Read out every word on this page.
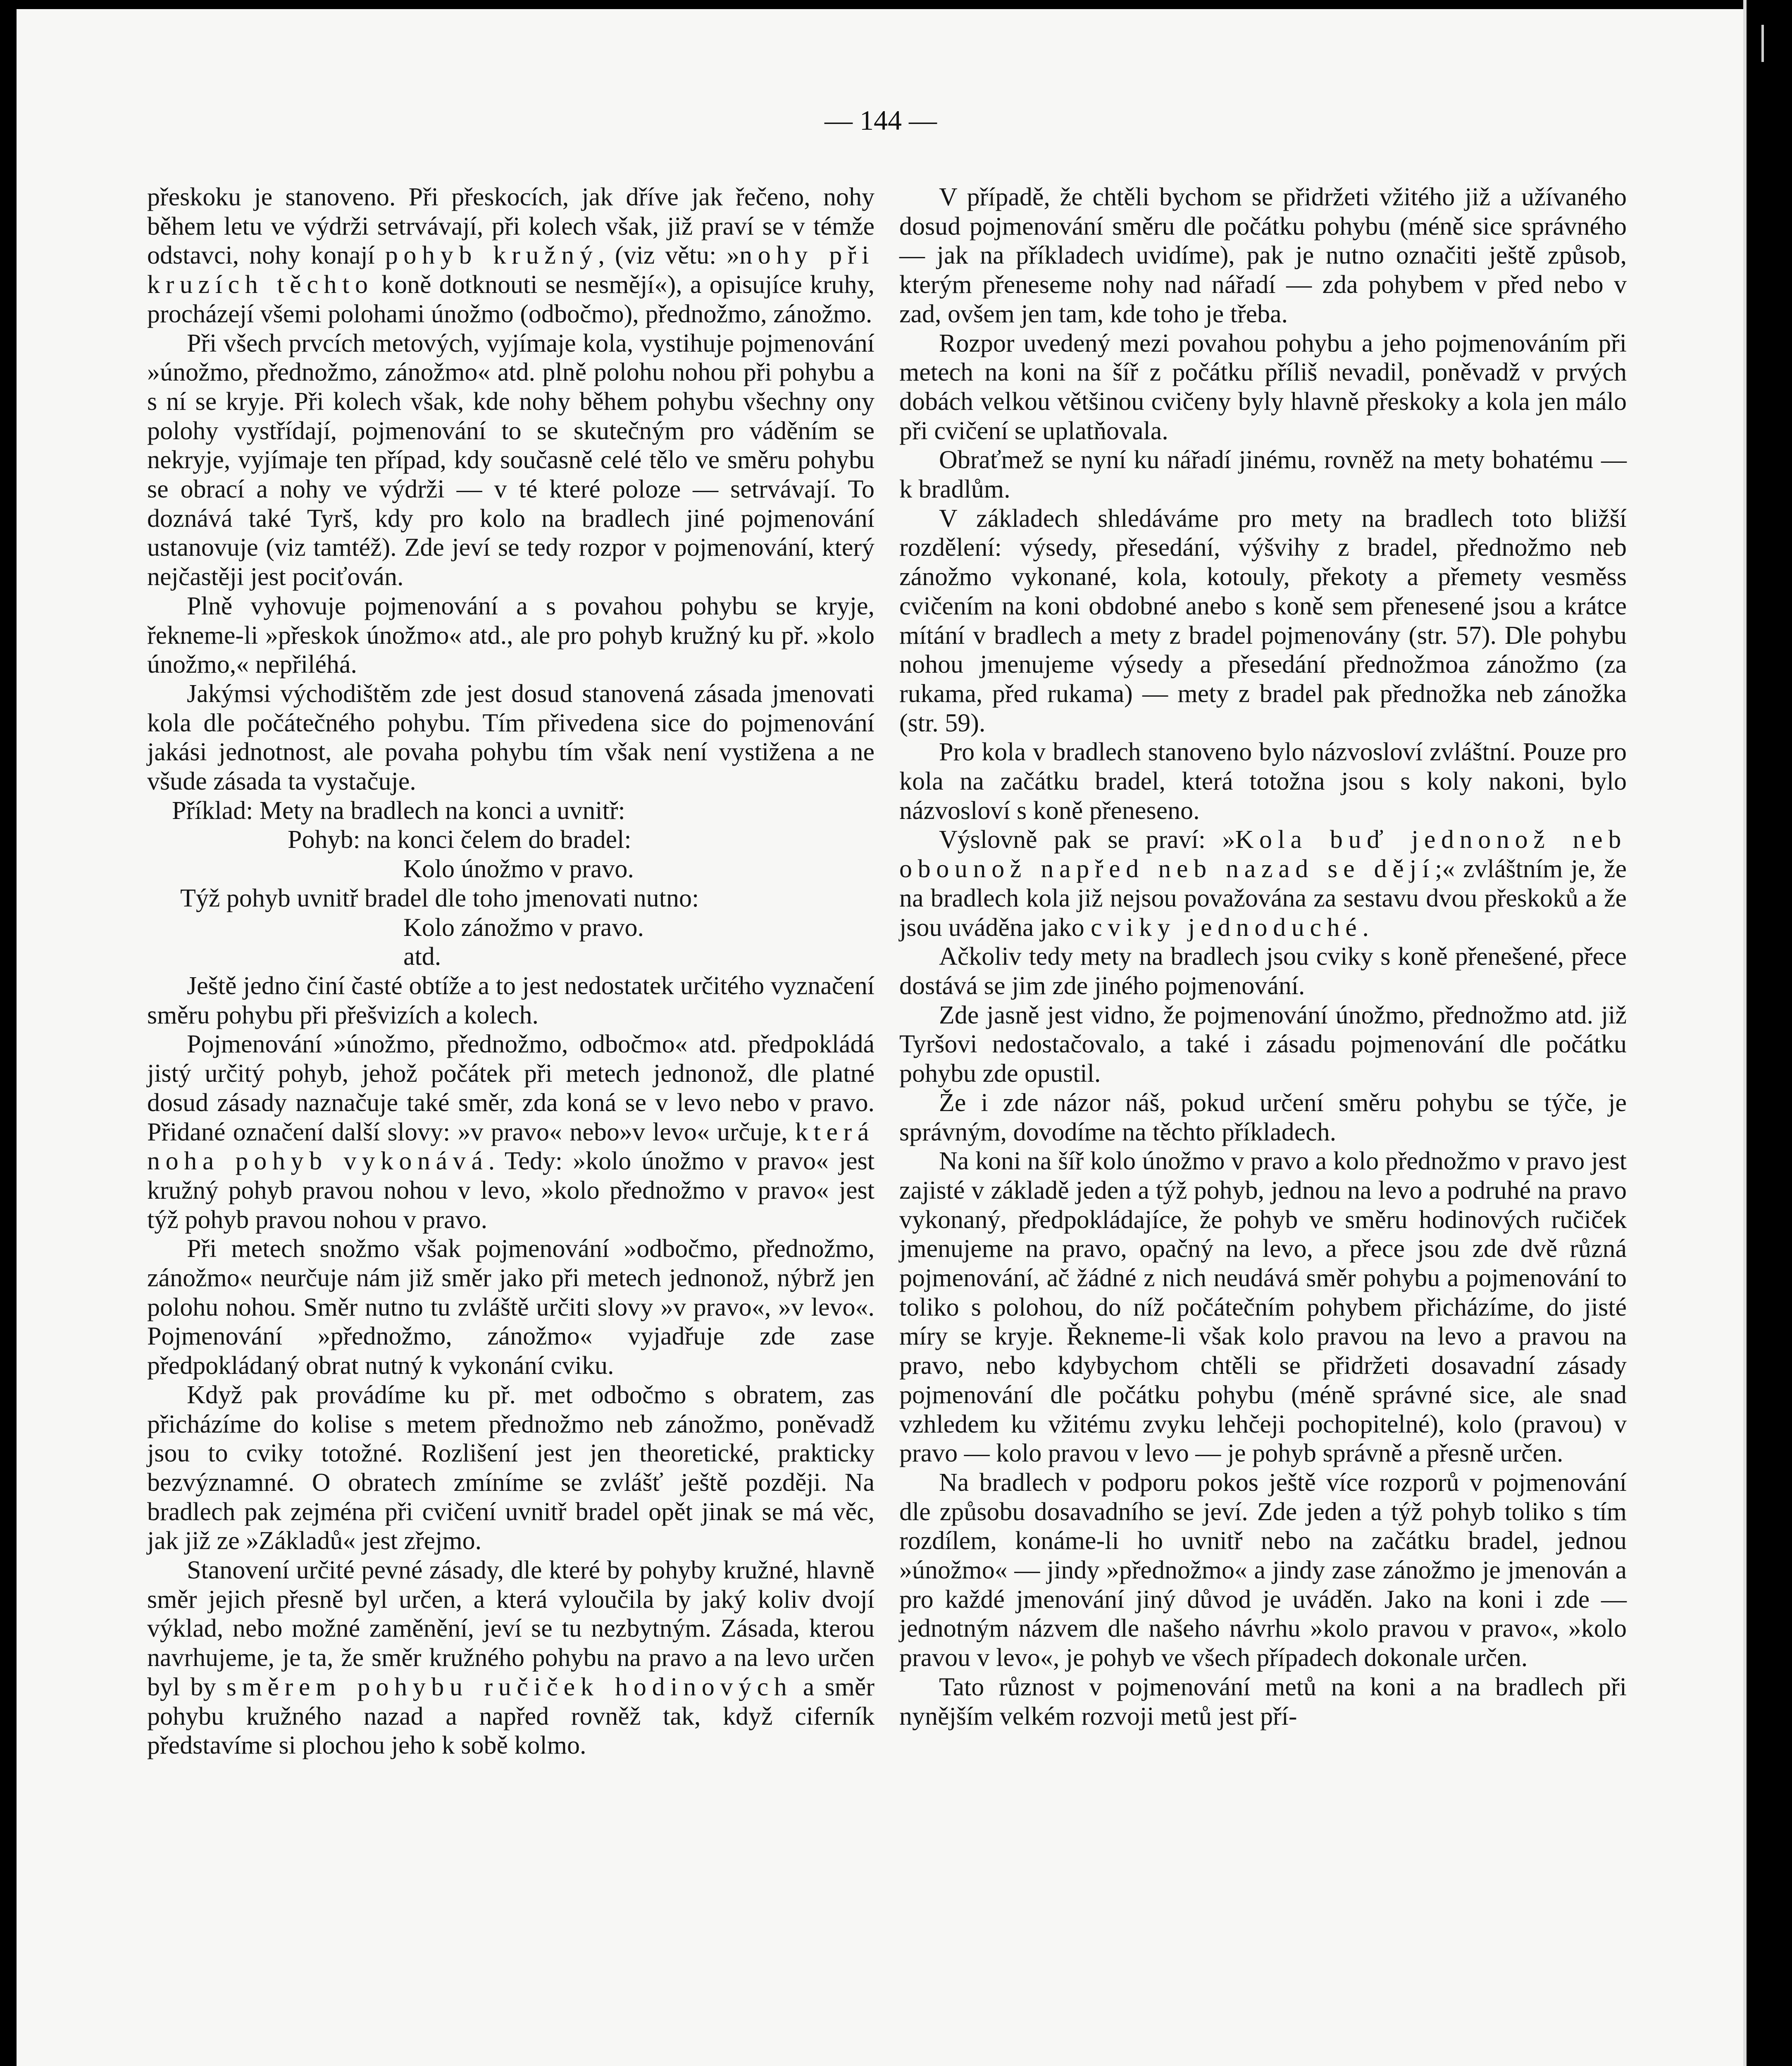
— 144 —

přeskoku je stanoveno. Při přeskocích, jak dříve jak řečeno, nohy během letu ve výdrži setrvávají, při kolech však, již praví se v témže odstavci, nohy konají pohyb kružný, (viz větu: »nohy při kruzích těchto koně dotknouti se nesmějí«), a opisujíce kruhy, procházejí všemi polohami únožmo (odbočmo), přednožmo, zánožmo.

Při všech prvcích metových, vyjímaje kola, vystihuje pojmenování »únožmo, přednožmo, zánožmo« atd. plně polohu nohou při pohybu a s ní se kryje. Při kolech však, kde nohy během pohybu všechny ony polohy vystřídají, pojmenování to se skutečným pro váděním se nekryje, vyjímaje ten případ, kdy současně celé tělo ve směru pohybu se obrací a nohy ve výdrži — v té které poloze — setrvávají. To doznává také Tyrš, kdy pro kolo na bradlech jiné pojmenování ustanovuje (viz tamtéž). Zde jeví se tedy rozpor v pojmenování, který nejčastěji jest pociťován.

Plně vyhovuje pojmenování a s povahou pohybu se kryje, řekneme-li »přeskok únožmo« atd., ale pro pohyb kružný ku př. »kolo únožmo,« nepřiléhá.

Jakýmsi východištěm zde jest dosud stanovená zásada jmenovati kola dle počátečného pohybu. Tím přivedena sice do pojmenování jakási jednotnost, ale povaha pohybu tím však není vystižena a ne všude zásada ta vystačuje.

Příklad: Mety na bradlech na konci a uvnitř:

Pohyb: na konci čelem do bradel:

Kolo únožmo v pravo.

Týž pohyb uvnitř bradel dle toho jmenovati nutno:

Kolo zánožmo v pravo.

atd.

Ještě jedno činí časté obtíže a to jest nedostatek určitého vyznačení směru pohybu při přešvizích a kolech.

Pojmenování »únožmo, přednožmo, odbočmo« atd. předpokládá jistý určitý pohyb, jehož počátek při metech jednonož, dle platné dosud zásady naznačuje také směr, zda koná se v levo nebo v pravo. Přidané označení další slovy: »v pravo« nebo»v levo« určuje, která noha pohyb vykonává. Tedy: »kolo únožmo v pravo« jest kružný pohyb pravou nohou v levo, »kolo přednožmo v pravo« jest týž pohyb pravou nohou v pravo.

Při metech snožmo však pojmenování »odbočmo, přednožmo, zánožmo« neurčuje nám již směr jako při metech jednonož, nýbrž jen polohu nohou. Směr nutno tu zvláště určiti slovy »v pravo«, »v levo«. Pojmenování »přednožmo, zánožmo« vyjadřuje zde zase předpokládaný obrat nutný k vykonání cviku.

Když pak provádíme ku př. met odbočmo s obratem, zas přicházíme do kolise s metem přednožmo neb zánožmo, poněvadž jsou to cviky totožné. Rozlišení jest jen theoretické, prakticky bezvýznamné. O obratech zmíníme se zvlášť ještě později. Na bradlech pak zejména při cvičení uvnitř bradel opět jinak se má věc, jak již ze »Základů« jest zřejmo.

Stanovení určité pevné zásady, dle které by pohyby kružné, hlavně směr jejich přesně byl určen, a která vyloučila by jaký koliv dvojí výklad, nebo možné zaměnění, jeví se tu nezbytným. Zásada, kterou navrhujeme, je ta, že směr kružného pohybu na pravo a na levo určen byl by směrem pohybu ručiček hodinových a směr pohybu kružného nazad a napřed rovněž tak, když ciferník představíme si plochou jeho k sobě kolmo.

V případě, že chtěli bychom se přidržeti vžitého již a užívaného dosud pojmenování směru dle počátku pohybu (méně sice správného — jak na příkladech uvidíme), pak je nutno označiti ještě způsob, kterým přeneseme nohy nad nářadí — zda pohybem v před nebo v zad, ovšem jen tam, kde toho je třeba.

Rozpor uvedený mezi povahou pohybu a jeho pojmenováním při metech na koni na šíř z počátku příliš nevadil, poněvadž v prvých dobách velkou většinou cvičeny byly hlavně přeskoky a kola jen málo při cvičení se uplatňovala.

Obraťmež se nyní ku nářadí jinému, rovněž na mety bohatému — k bradlům.

V základech shledáváme pro mety na bradlech toto bližší rozdělení: výsedy, přesedání, výšvihy z bradel, přednožmo neb zánožmo vykonané, kola, kotouly, překoty a přemety vesměss cvičením na koni obdobné anebo s koně sem přenesené jsou a krátce mítání v bradlech a mety z bradel pojmenovány (str. 57). Dle pohybu nohou jmenujeme výsedy a přesedání přednožmoa zánožmo (za rukama, před rukama) — mety z bradel pak přednožka neb zánožka (str. 59).

Pro kola v bradlech stanoveno bylo názvosloví zvláštní. Pouze pro kola na začátku bradel, která totožna jsou s koly nakoni, bylo názvosloví s koně přeneseno.

Výslovně pak se praví: »Kola buď jednonož neb obounož napřed neb nazad se dějí;« zvláštním je, že na bradlech kola již nejsou považována za sestavu dvou přeskoků a že jsou uváděna jako cviky jednoduché.

Ačkoliv tedy mety na bradlech jsou cviky s koně přenešené, přece dostává se jim zde jiného pojmenování.

Zde jasně jest vidno, že pojmenování únožmo, přednožmo atd. již Tyršovi nedostačovalo, a také i zásadu pojmenování dle počátku pohybu zde opustil.

Že i zde názor náš, pokud určení směru pohybu se týče, je správným, dovodíme na těchto příkladech.

Na koni na šíř kolo únožmo v pravo a kolo přednožmo v pravo jest zajisté v základě jeden a týž pohyb, jednou na levo a podruhé na pravo vykonaný, předpokládajíce, že pohyb ve směru hodinových ručiček jmenujeme na pravo, opačný na levo, a přece jsou zde dvě různá pojmenování, ač žádné z nich neudává směr pohybu a pojmenování to toliko s polohou, do níž počátečním pohybem přicházíme, do jisté míry se kryje. Řekneme-li však kolo pravou na levo a pravou na pravo, nebo kdybychom chtěli se přidržeti dosavadní zásady pojmenování dle počátku pohybu (méně správné sice, ale snad vzhledem ku vžitému zvyku lehčeji pochopitelné), kolo (pravou) v pravo — kolo pravou v levo — je pohyb správně a přesně určen.

Na bradlech v podporu pokos ještě více rozporů v pojmenování dle způsobu dosavadního se jeví. Zde jeden a týž pohyb toliko s tím rozdílem, konáme-li ho uvnitř nebo na začátku bradel, jednou »únožmo« — jindy »přednožmo« a jindy zase zánožmo je jmenován a pro každé jmenování jiný důvod je uváděn. Jako na koni i zde — jednotným názvem dle našeho návrhu »kolo pravou v pravo«, »kolo pravou v levo«, je pohyb ve všech případech dokonale určen.

Tato různost v pojmenování metů na koni a na bradlech při nynějším velkém rozvoji metů jest pří-
